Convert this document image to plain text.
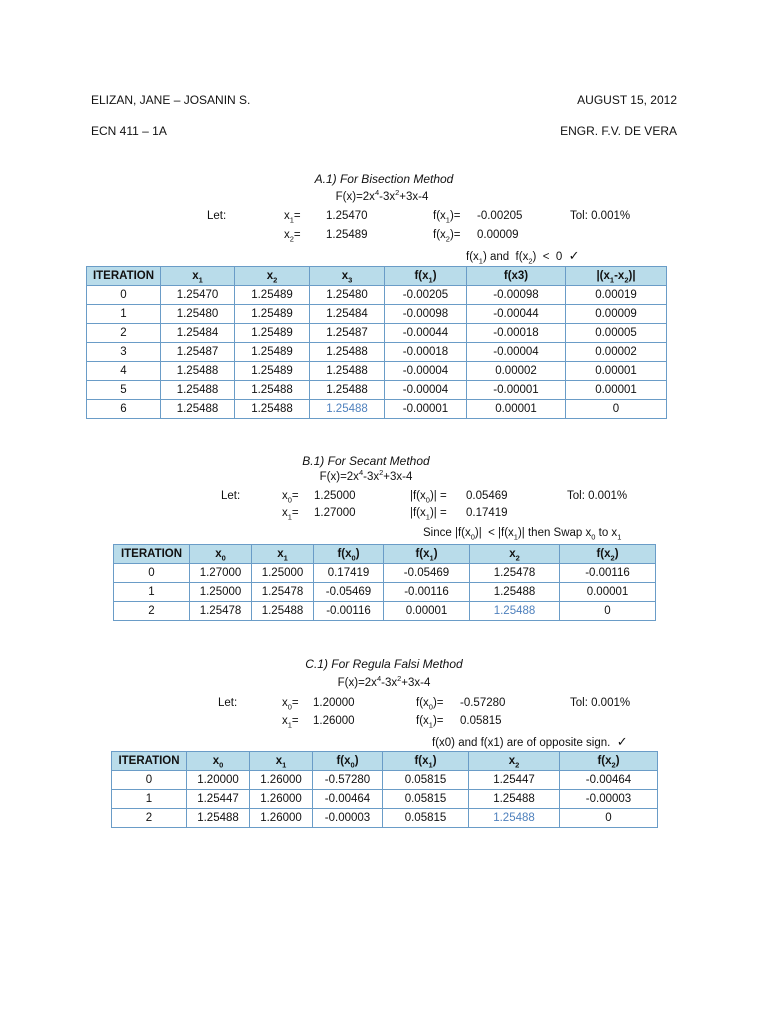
ELIZAN, JANE – JOSANIN S.	AUGUST 15, 2012
ECN 411 – 1A	ENGR. F.V. DE VERA
A.1) For Bisection Method
$F(x)=2x^4-3x^2+3x-4$
Let:	$x_1= 1.25470$	$f(x_1)= -0.00205$	Tol: 0.001%
$x_2= 1.25489$	$f(x_2)= 0.00009$
$f(x_1)$ and  $f(x_2) < 0$  ✓
ITERATION	$x_1$	$x_2$	$x_3$	$f(x_1)$	f(x3)	$|(x_1-x_2)|$
0	1.25470	1.25489	1.25480	-0.00205	-0.00098	0.00019
1	1.25480	1.25489	1.25484	-0.00098	-0.00044	0.00009
2	1.25484	1.25489	1.25487	-0.00044	-0.00018	0.00005
3	1.25487	1.25489	1.25488	-0.00018	-0.00004	0.00002
4	1.25488	1.25489	1.25488	-0.00004	0.00002	0.00001
5	1.25488	1.25488	1.25488	-0.00004	-0.00001	0.00001
6	1.25488	1.25488	1.25488	-0.00001	0.00001	0
B.1) For Secant Method
$F(x)=2x^4-3x^2+3x-4$
Let:	$x_0= 1.25000$	$|f(x_0)| = 0.05469$	Tol: 0.001%
$x_1= 1.27000$	$|f(x_1)| = 0.17419$
Since $|f(x_0)| < |f(x_1)|$ then Swap $x_0$ to $x_1$
ITERATION	$x_0$	$x_1$	$f(x_0)$	$f(x_1)$	$x_2$	$f(x_2)$
0	1.27000	1.25000	0.17419	-0.05469	1.25478	-0.00116
1	1.25000	1.25478	-0.05469	-0.00116	1.25488	0.00001
2	1.25478	1.25488	-0.00116	0.00001	1.25488	0
C.1) For Regula Falsi Method
$F(x)=2x^4-3x^2+3x-4$
Let:	$x_0= 1.20000$	$f(x_0)= -0.57280$	Tol: 0.001%
$x_1= 1.26000$	$f(x_1)= 0.05815$
f(x0) and f(x1) are of opposite sign. ✓
ITERATION	$x_0$	$x_1$	$f(x_0)$	$f(x_1)$	$x_2$	$f(x_2)$
0	1.20000	1.26000	-0.57280	0.05815	1.25447	-0.00464
1	1.25447	1.26000	-0.00464	0.05815	1.25488	-0.00003
2	1.25488	1.26000	-0.00003	0.05815	1.25488	0
